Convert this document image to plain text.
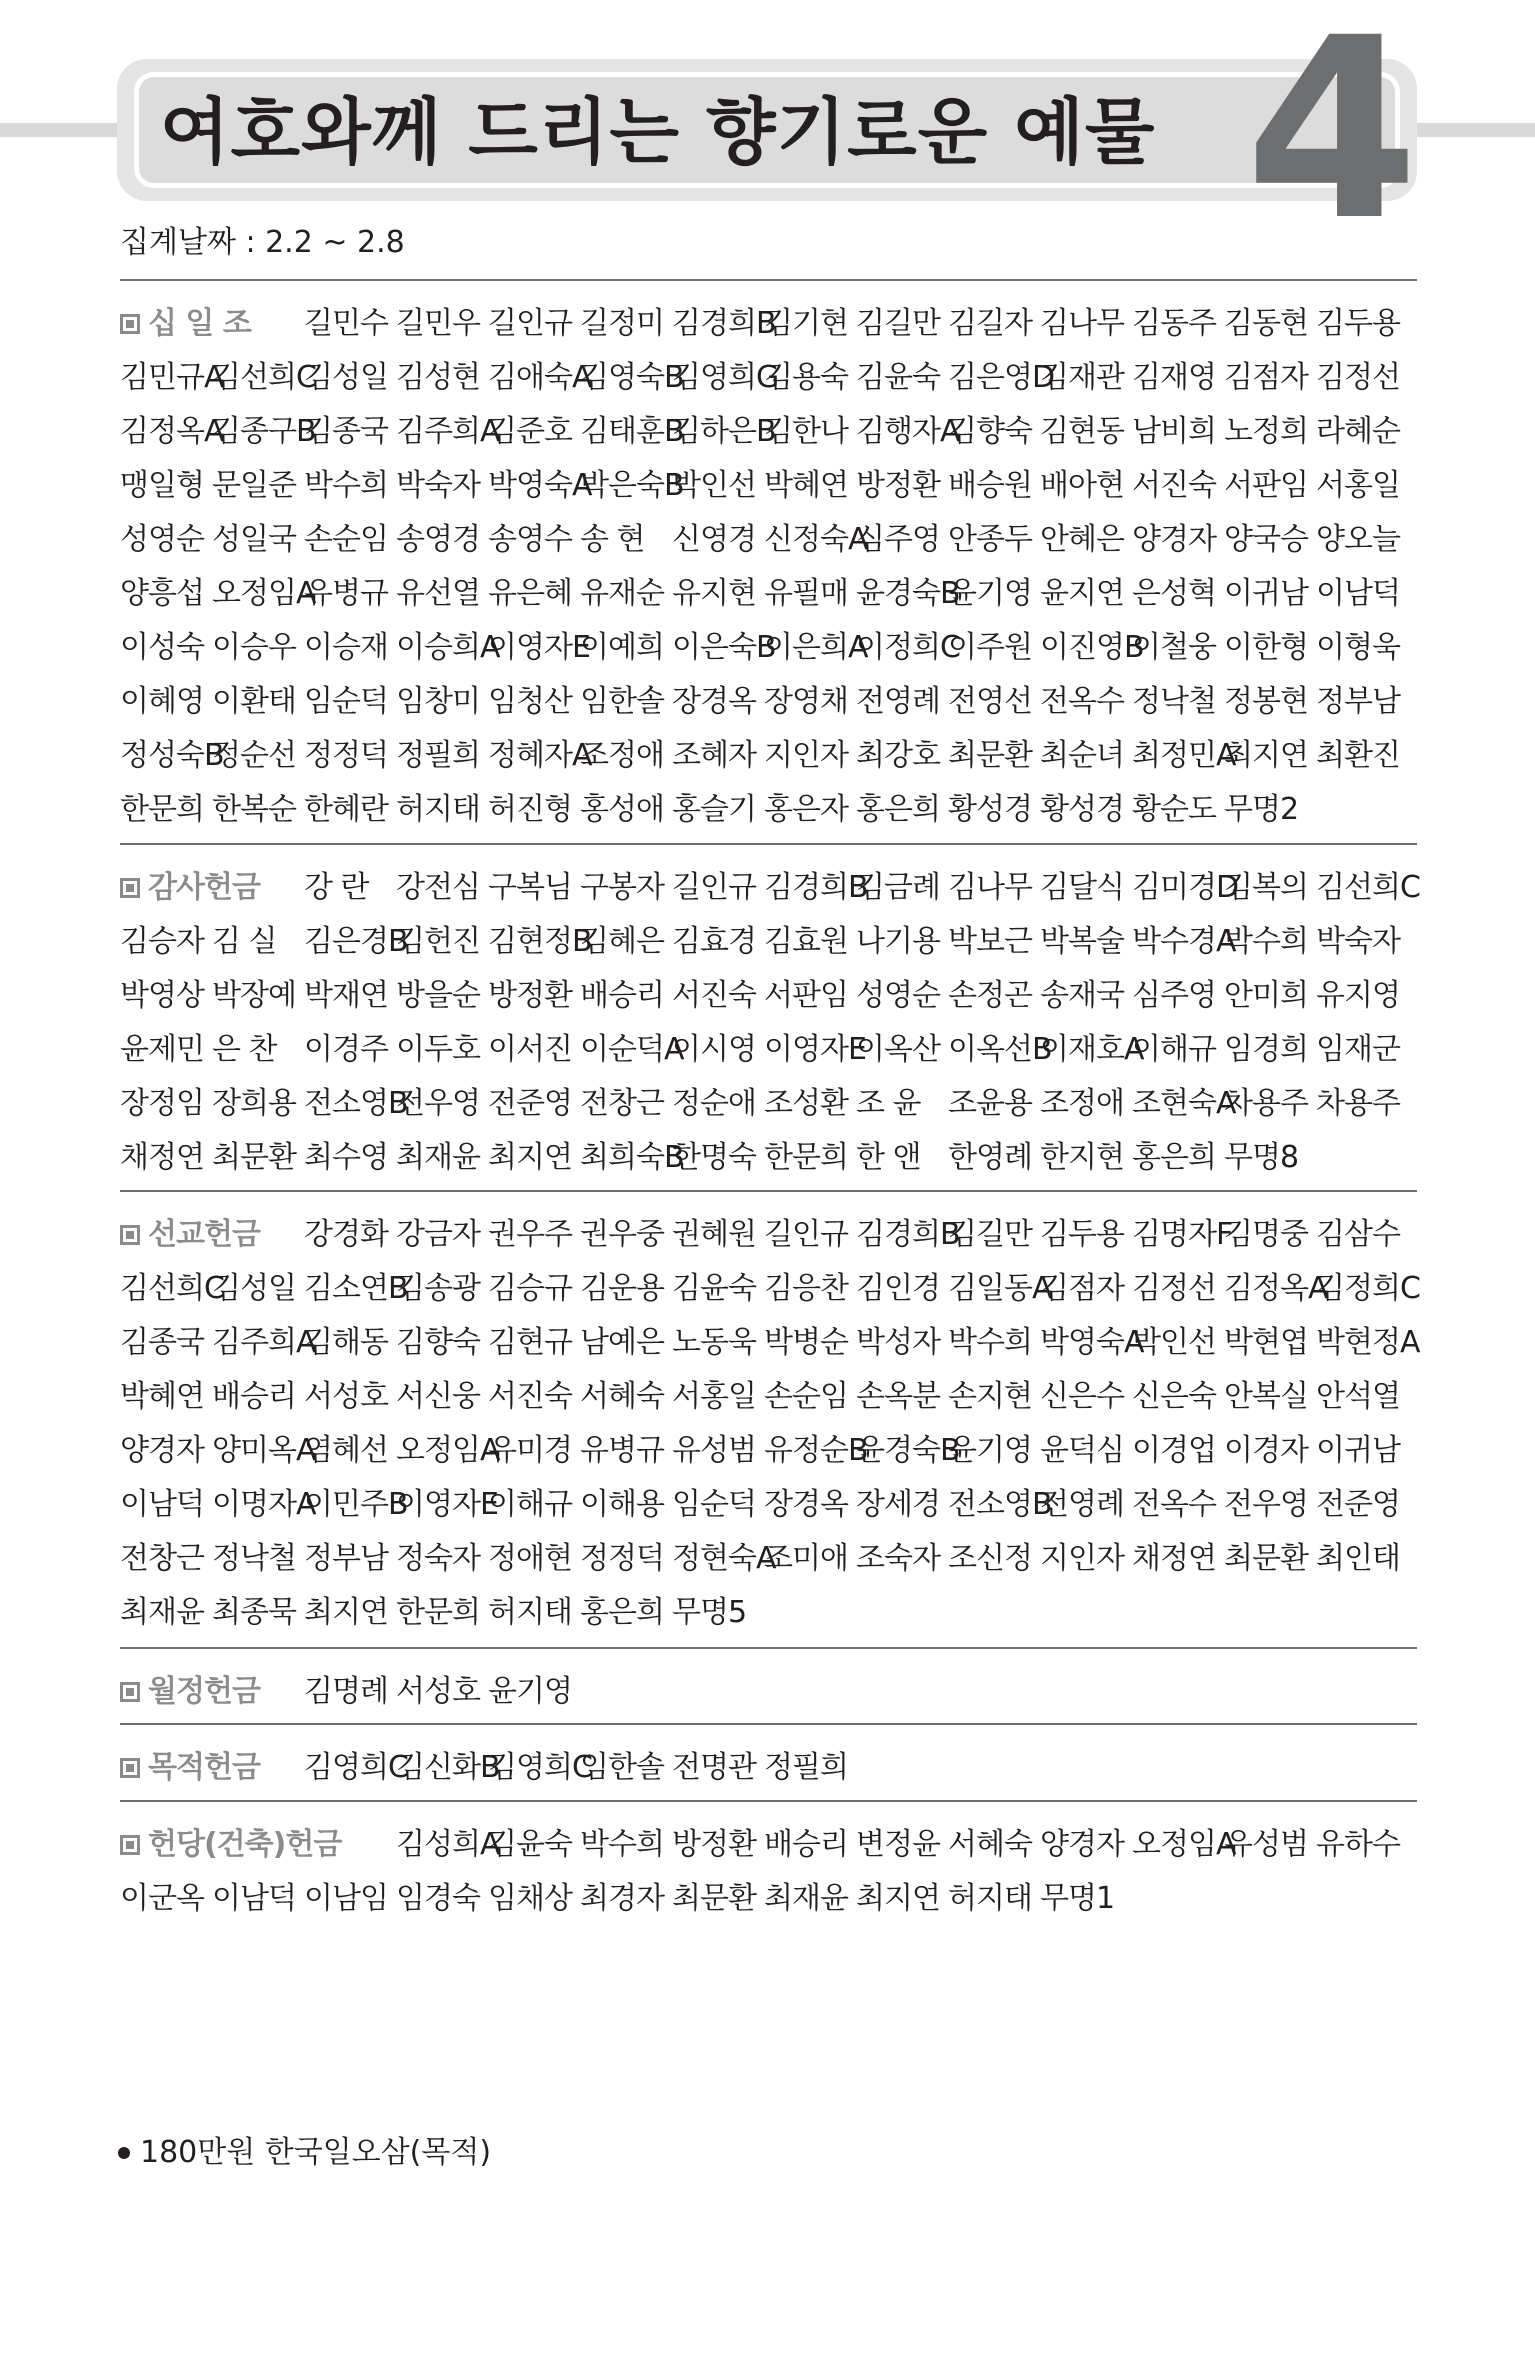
여호와께 드리는 향기로운 예물 4
집계날짜 : 2.2 ~ 2.8
십 일 조 길민수 길민우 길인규 길정미 김경희B
김기현 김길만 김길자 김나무 김동주 김동현 김두용
김민규A
김선희C
김성일 김성현 김애숙A
김영숙B
김영희G
김용숙 김윤숙 김은영D
김재관 김재영 김점자 김정선
김정옥A
김종구B
김종국 김주희A
김준호 김태훈B
김하은B
김한나 김행자A
김향숙 김현동 남비희 노정희 라혜순
맹일형 문일준 박수희 박숙자 박영숙A
박은숙B
박인선 박혜연 방정환 배승원 배아현 서진숙 서판임 서홍일
성영순 성일국 손순임 송영경 송영수 송 현 신영경 신정숙A
심주영 안종두 안혜은 양경자 양국승 양오늘
양흥섭 오정임A
유병규 유선열 유은혜 유재순 유지현 유필매 윤경숙B
윤기영 윤지연 은성혁 이귀남 이남덕
이성숙 이승우 이승재 이승희A
이영자E
이예희 이은숙B
이은희A
이정희C
이주원 이진영B
이철웅 이한형 이형욱
이혜영 이환태 임순덕 임창미 임청산 임한솔 장경옥 장영채 전영례 전영선 전옥수 정낙철 정봉현 정부남
정성숙B
정순선 정정덕 정필희 정혜자A
조정애 조혜자 지인자 최강호 최문환 최순녀 최정민A
최지연 최환진
한문희 한복순 한혜란 허지태 허진형 홍성애 홍슬기 홍은자 홍은희 황성경 황성경 황순도 무명2
감사헌금 강 란 강전심 구복님 구봉자 길인규 김경희B
김금례 김나무 김달식 김미경D
김복의 김선희C
김승자 김 실 김은경B
김헌진 김현정B
김혜은 김효경 김효원 나기용 박보근 박복술 박수경A
박수희 박숙자
박영상 박장예 박재연 방을순 방정환 배승리 서진숙 서판임 성영순 손정곤 송재국 심주영 안미희 유지영
윤제민 은 찬 이경주 이두호 이서진 이순덕A
이시영 이영자E
이옥산 이옥선B
이재호A
이해규 임경희 임재군
장정임 장희용 전소영B
전우영 전준영 전창근 정순애 조성환 조 윤 조윤용 조정애 조현숙A
차용주 차용주
채정연 최문환 최수영 최재윤 최지연 최희숙B
한명숙 한문희 한 앤 한영례 한지현 홍은희 무명8
선교헌금 강경화 강금자 권우주 권우중 권혜원 길인규 김경희B
김길만 김두용 김명자F
김명중 김삼수
김선희C
김성일 김소연B
김송광 김승규 김운용 김윤숙 김응찬 김인경 김일동A
김점자 김정선 김정옥A
김정희C
김종국 김주희A
김해동 김향숙 김현규 남예은 노동욱 박병순 박성자 박수희 박영숙A
박인선 박현엽 박현정A
박혜연 배승리 서성호 서신웅 서진숙 서혜숙 서홍일 손순임 손옥분 손지현 신은수 신은숙 안복실 안석열
양경자 양미옥A
염혜선 오정임A
유미경 유병규 유성범 유정순B
윤경숙B
윤기영 윤덕심 이경업 이경자 이귀남
이남덕 이명자A
이민주B
이영자E
이해규 이해용 임순덕 장경옥 장세경 전소영B
전영례 전옥수 전우영 전준영
전창근 정낙철 정부남 정숙자 정애현 정정덕 정현숙A
조미애 조숙자 조신정 지인자 채정연 최문환 최인태
최재윤 최종묵 최지연 한문희 허지태 홍은희 무명5
월정헌금 김명례 서성호 윤기영
목적헌금 김영희C
김신화B
김영희C
임한솔 전명관 정필희
헌당(건축)헌금 김성희A
김윤숙 박수희 방정환 배승리 변정윤 서혜숙 양경자 오정임A
유성범 유하수
이군옥 이남덕 이남임 임경숙 임채상 최경자 최문환 최재윤 최지연 허지태 무명1
180만원 한국일오삼(목적)
